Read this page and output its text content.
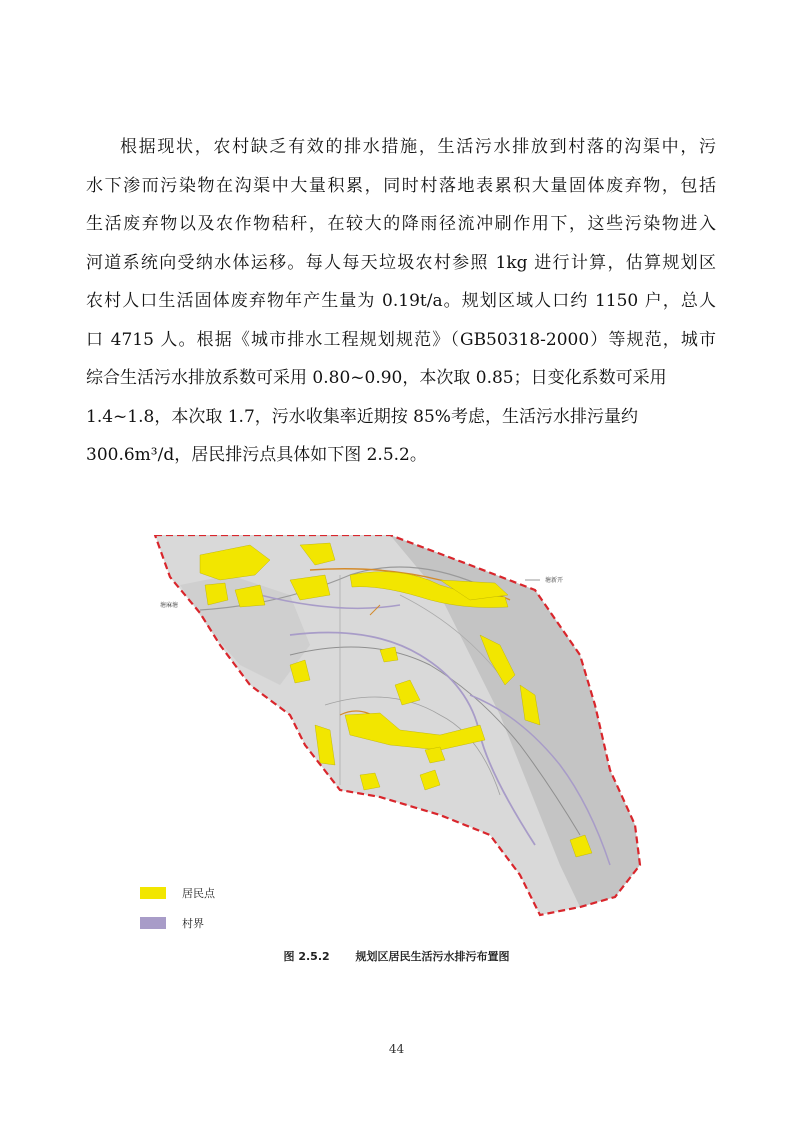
根据现状，农村缺乏有效的排水措施，生活污水排放到村落的沟渠中，污
水下渗而污染物在沟渠中大量积累，同时村落地表累积大量固体废弃物，包括
生活废弃物以及农作物秸秆，在较大的降雨径流冲刷作用下，这些污染物进入
河道系统向受纳水体运移。每人每天垃圾农村参照 1kg 进行计算，估算规划区
农村人口生活固体废弃物年产生量为 0.19t/a。规划区域人口约 1150 户，总人
口 4715 人。根据《城市排水工程规划规范》（GB50318-2000）等规范，城市
综合生活污水排放系数可采用 0.80~0.90，本次取 0.85；日变化系数可采用
1.4~1.8，本次取 1.7，污水收集率近期按 85%考虑，生活污水排污量约
300.6m³/d，居民排污点具体如下图 2.5.2。
塘麻塘
塘新开
居民点
村界
图 2.5.2 规划区居民生活污水排污布置图
44
